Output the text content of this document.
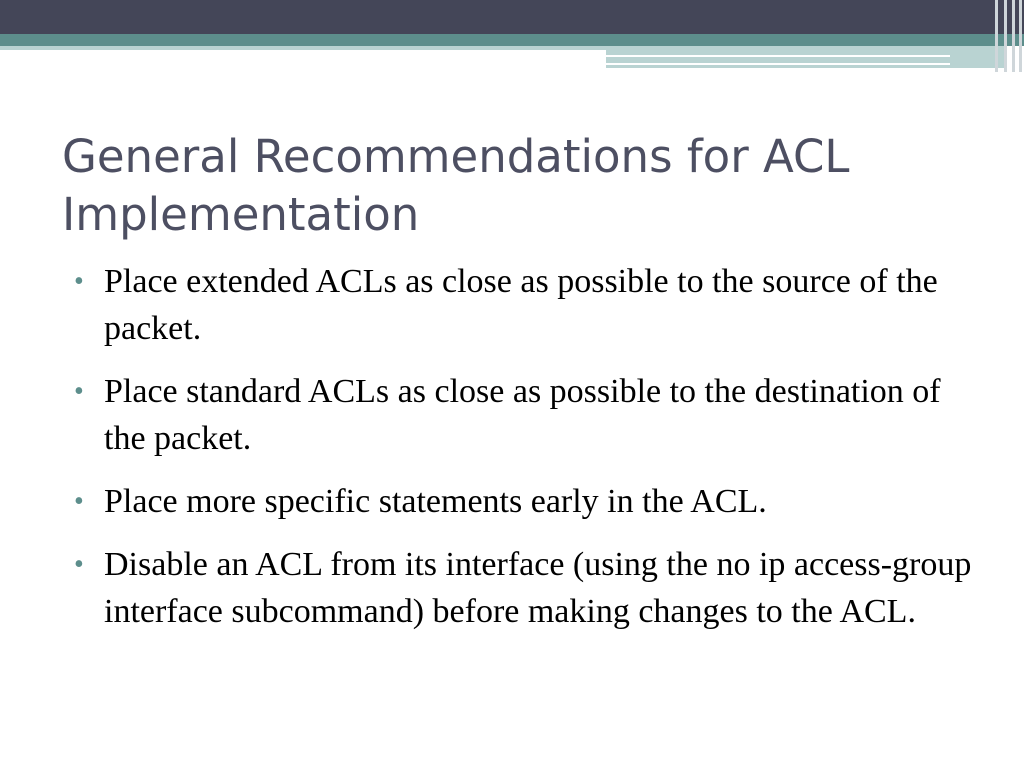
General Recommendations for ACL Implementation
• Place extended ACLs as close as possible to the source of the packet.
• Place standard ACLs as close as possible to the destination of the packet.
• Place more specific statements early in the ACL.
• Disable an ACL from its interface (using the no ip access-group interface subcommand) before making changes to the ACL.
